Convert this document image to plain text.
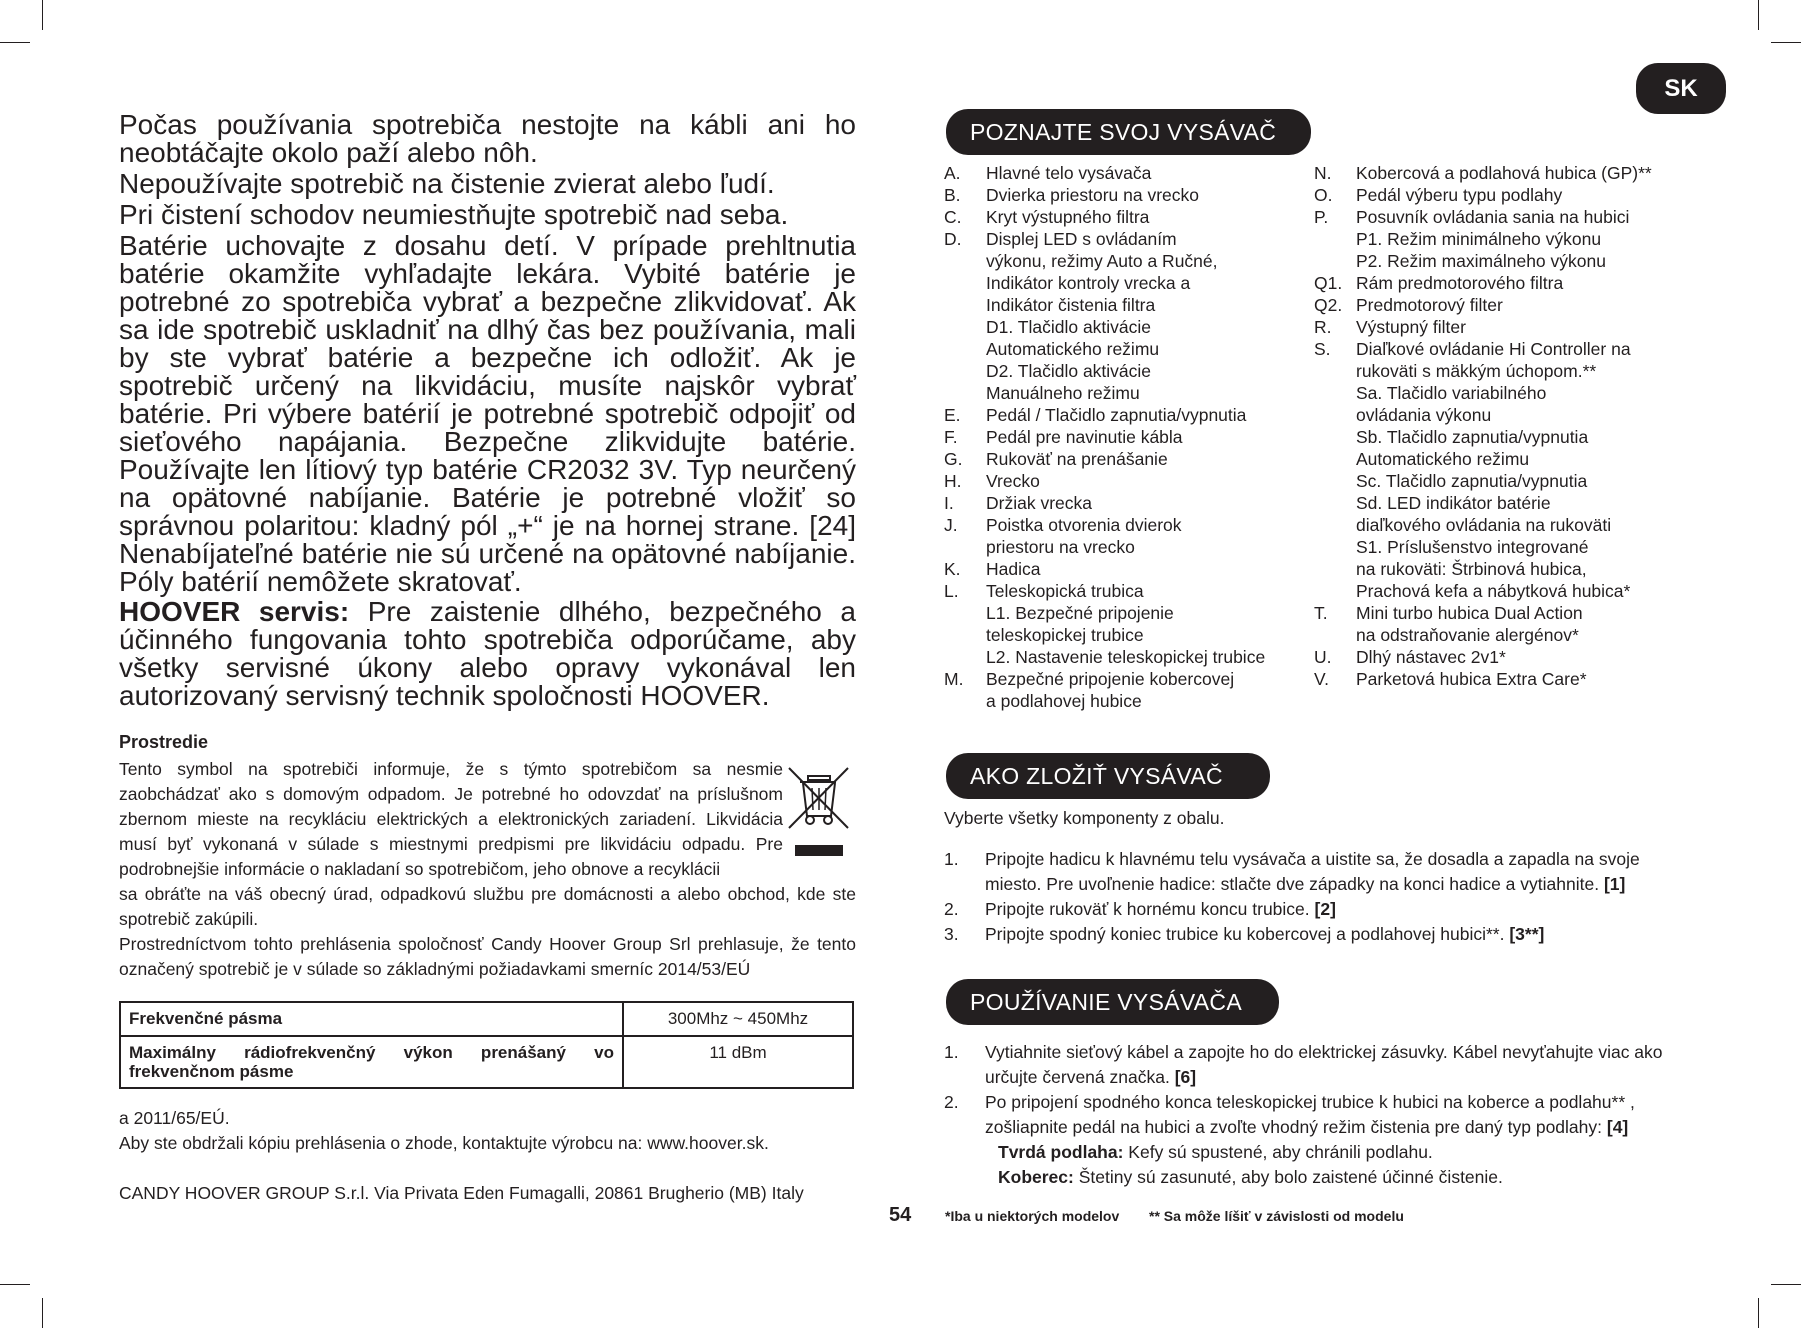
SK

Počas používania spotrebiča nestojte na kábli ani ho neobtáčajte okolo paží alebo nôh.

Nepoužívajte spotrebič na čistenie zvierat alebo ľudí.

Pri čistení schodov neumiestňujte spotrebič nad seba.

Batérie uchovajte z dosahu detí. V prípade prehltnutia batérie okamžite vyhľadajte lekára. Vybité batérie je potrebné zo spotrebiča vybrať a bezpečne zlikvidovať. Ak sa ide spotrebič uskladniť na dlhý čas bez používania, mali by ste vybrať batérie a bezpečne ich odložiť. Ak je spotrebič určený na likvidáciu, musíte najskôr vybrať batérie. Pri výbere batérií je potrebné spotrebič odpojiť od sieťového napájania. Bezpečne zlikvidujte batérie. Používajte len lítiový typ batérie CR2032 3V. Typ neurčený na opätovné nabíjanie. Batérie je potrebné vložiť so správnou polaritou: kladný pól „+“ je na hornej strane. [24] Nenabíjateľné batérie nie sú určené na opätovné nabíjanie. Póly batérií nemôžete skratovať.

HOOVER servis: Pre zaistenie dlhého, bezpečného a účinného fungovania tohto spotrebiča odporúčame, aby všetky servisné úkony alebo opravy vykonával len autorizovaný servisný technik spoločnosti HOOVER.

Prostredie
Tento symbol na spotrebiči informuje, že s týmto spotrebičom sa nesmie zaobchádzať ako s domovým odpadom. Je potrebné ho odovzdať na príslušnom zbernom mieste na recykláciu elektrických a elektronických zariadení. Likvidácia musí byť vykonaná v súlade s miestnymi predpismi pre likvidáciu odpadu. Pre podrobnejšie informácie o nakladaní so spotrebičom, jeho obnove a recyklácii
sa obráťte na váš obecný úrad, odpadkovú službu pre domácnosti a alebo obchod, kde ste spotrebič zakúpili.
Prostredníctvom tohto prehlásenia spoločnosť Candy Hoover Group Srl prehlasuje, že tento označený spotrebič je v súlade so základnými požiadavkami smerníc 2014/53/EÚ
Frekvenčné pásma	300Mhz ~ 450Mhz
Maximálny rádiofrekvenčný výkon prenášaný vo frekvenčnom pásme	11 dBm
a 2011/65/EÚ.
Aby ste obdržali kópiu prehlásenia o zhode, kontaktujte výrobcu na: www.hoover.sk.
CANDY HOOVER GROUP S.r.l. Via Privata Eden Fumagalli, 20861 Brugherio (MB) Italy
54 *Iba u niektorých modelov ** Sa môže líšiť v závislosti od modelu
POZNAJTE SVOJ VYSÁVAČ
A.	Hlavné telo vysávača
B.	Dvierka priestoru na vrecko
C.	Kryt výstupného filtra
D.	Displej LED s ovládaním
výkonu, režimy Auto a Ručné,
Indikátor kontroly vrecka a
Indikátor čistenia filtra
D1. Tlačidlo aktivácie
Automatického režimu
D2. Tlačidlo aktivácie
Manuálneho režimu
E.	Pedál / Tlačidlo zapnutia/vypnutia
F.	Pedál pre navinutie kábla
G.	Rukoväť na prenášanie
H.	Vrecko
I.	Držiak vrecka
J.	Poistka otvorenia dvierok
priestoru na vrecko
K.	Hadica
L.	Teleskopická trubica
L1. Bezpečné pripojenie
teleskopickej trubice
L2. Nastavenie teleskopickej trubice
M.	Bezpečné pripojenie kobercovej
a podlahovej hubice
N.	Kobercová a podlahová hubica (GP)**
O.	Pedál výberu typu podlahy
P.	Posuvník ovládania sania na hubici
P1. Režim minimálneho výkonu
P2. Režim maximálneho výkonu
Q1. Rám predmotorového filtra
Q2. Predmotorový filter
R.	Výstupný filter
S.	Diaľkové ovládanie Hi Controller na
rukoväti s mäkkým úchopom.**
Sa. Tlačidlo variabilného
ovládania výkonu
Sb. Tlačidlo zapnutia/vypnutia
Automatického režimu
Sc. Tlačidlo zapnutia/vypnutia
Sd. LED indikátor batérie
diaľkového ovládania na rukoväti
S1. Príslušenstvo integrované
na rukoväti: Štrbinová hubica,
Prachová kefa a nábytková hubica*
T.	Mini turbo hubica Dual Action
na odstraňovanie alergénov*
U.	Dlhý nástavec 2v1*
V.	Parketová hubica Extra Care*
AKO ZLOŽIŤ VYSÁVAČ
Vyberte všetky komponenty z obalu.
1.	Pripojte hadicu k hlavnému telu vysávača a uistite sa, že dosadla a zapadla na svoje miesto. Pre uvoľnenie hadice: stlačte dve západky na konci hadice a vytiahnite. [1]
2.	Pripojte rukoväť k hornému koncu trubice. [2]
3.	Pripojte spodný koniec trubice ku kobercovej a podlahovej hubici**. [3**]
POUŽÍVANIE VYSÁVAČA
1.	Vytiahnite sieťový kábel a zapojte ho do elektrickej zásuvky. Kábel nevyťahujte viac ako určujte červená značka. [6]
2.	Po pripojení spodného konca teleskopickej trubice k hubici na koberce a podlahu** , zošliapnite pedál na hubici a zvoľte vhodný režim čistenia pre daný typ podlahy: [4]
Tvrdá podlaha: Kefy sú spustené, aby chránili podlahu.
Koberec: Štetiny sú zasunuté, aby bolo zaistené účinné čistenie.
